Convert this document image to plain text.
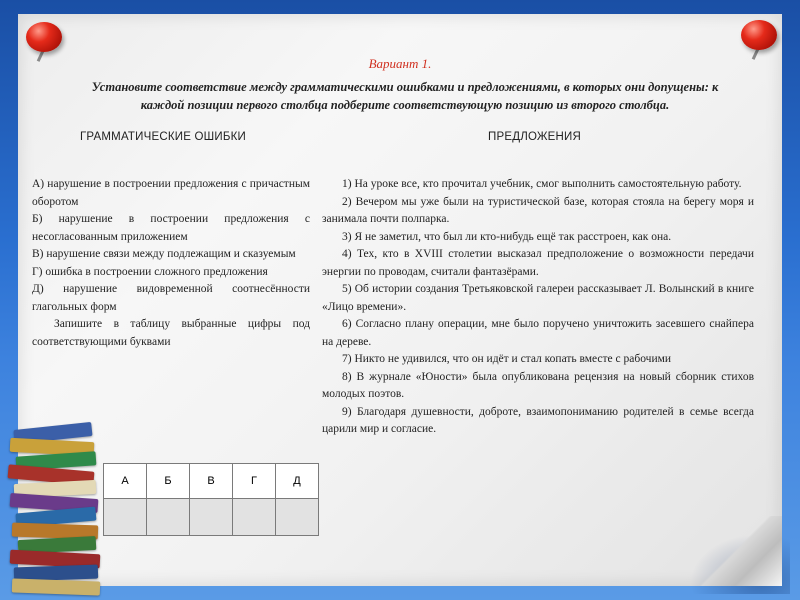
Вариант 1.
Установите соответствие между грамматическими ошибками и предложениями, в которых они допущены: к каждой позиции первого столбца подберите соответствующую позицию из второго столбца.
ГРАММАТИЧЕСКИЕ ОШИБКИ	ПРЕДЛОЖЕНИЯ

А) нарушение в построении предложения с причастным оборотом

Б) нарушение в построении предложения с несогласованным приложением

В) нарушение связи между подлежащим и сказуемым

Г) ошибка в построении сложного предложения

Д) нарушение видовременной соотнесённости глагольных форм

Запишите в таблицу выбранные цифры под соответствующими буквами

1) На уроке все, кто прочитал учебник, смог выполнить самостоятельную работу.

2) Вечером мы уже были на туристической базе, которая стояла на берегу моря и занимала почти полпарка.

3) Я не заметил, что был ли кто-нибудь ещё так расстроен, как она.

4) Тех, кто в XVIII столетии высказал предположение о возможности передачи энергии по проводам, считали фантазёрами.

5) Об истории создания Третьяковской галереи рассказывает Л. Волынский в книге «Лицо времени».

6) Согласно плану операции, мне было поручено уничтожить засевшего снайпера на дереве.

7) Никто не удивился, что он идёт и стал копать вместе с рабочими

8) В журнале «Юности» была опубликована рецензия на новый сборник стихов молодых поэтов.

9) Благодаря душевности, доброте, взаимопониманию родителей в семье всегда царили мир и согласие.

А	Б	В	Г	Д
